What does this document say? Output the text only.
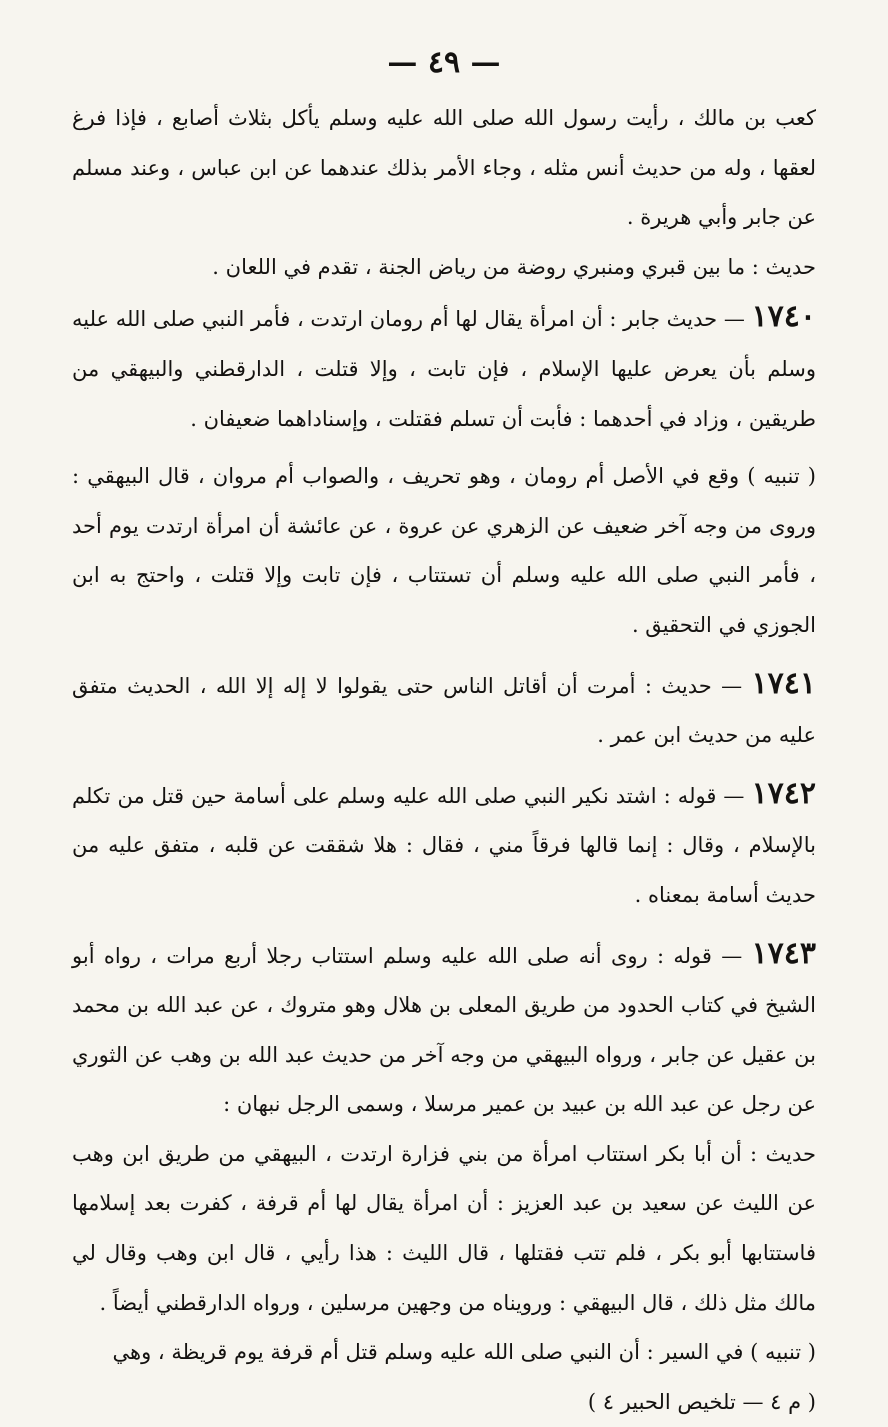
— ٤٩ —

كعب بن مالك ، رأيت رسول الله صلى الله عليه وسلم يأكل بثلاث أصابع ، فإذا فرغ لعقها ، وله من حديث أنس مثله ، وجاء الأمر بذلك عندهما عن ابن عباس ، وعند مسلم عن جابر وأبي هريرة .

حديث : ما بين قبري ومنبري روضة من رياض الجنة ، تقدم في اللعان .

١٧٤٠ — حديث جابر : أن امرأة يقال لها أم رومان ارتدت ، فأمر النبي صلى الله عليه وسلم بأن يعرض عليها الإسلام ، فإن تابت ، وإلا قتلت ، الدارقطني والبيهقي من طريقين ، وزاد في أحدهما : فأبت أن تسلم فقتلت ، وإسناداهما ضعيفان .

( تنبيه ) وقع في الأصل أم رومان ، وهو تحريف ، والصواب أم مروان ، قال البيهقي : وروى من وجه آخر ضعيف عن الزهري عن عروة ، عن عائشة أن امرأة ارتدت يوم أحد ، فأمر النبي صلى الله عليه وسلم أن تستتاب ، فإن تابت وإلا قتلت ، واحتج به ابن الجوزي في التحقيق .

١٧٤١ — حديث : أمرت أن أقاتل الناس حتى يقولوا لا إله إلا الله ، الحديث متفق عليه من حديث ابن عمر .

١٧٤٢ — قوله : اشتد نكير النبي صلى الله عليه وسلم على أسامة حين قتل من تكلم بالإسلام ، وقال : إنما قالها فرقاً مني ، فقال : هلا شققت عن قلبه ، متفق عليه من حديث أسامة بمعناه .

١٧٤٣ — قوله : روى أنه صلى الله عليه وسلم استتاب رجلا أربع مرات ، رواه أبو الشيخ في كتاب الحدود من طريق المعلى بن هلال وهو متروك ، عن عبد الله بن محمد بن عقيل عن جابر ، ورواه البيهقي من وجه آخر من حديث عبد الله بن وهب عن الثوري عن رجل عن عبد الله بن عبيد بن عمير مرسلا ، وسمى الرجل نبهان :

حديث : أن أبا بكر استتاب امرأة من بني فزارة ارتدت ، البيهقي من طريق ابن وهب عن الليث عن سعيد بن عبد العزيز : أن امرأة يقال لها أم قرفة ، كفرت بعد إسلامها فاستتابها أبو بكر ، فلم تتب فقتلها ، قال الليث : هذا رأيي ، قال ابن وهب وقال لي مالك مثل ذلك ، قال البيهقي : ورويناه من وجهين مرسلين ، ورواه الدارقطني أيضاً .

( تنبيه ) في السير : أن النبي صلى الله عليه وسلم قتل أم قرفة يوم قريظة ، وهي

( م ٤ — تلخيص الحبير ٤ )
